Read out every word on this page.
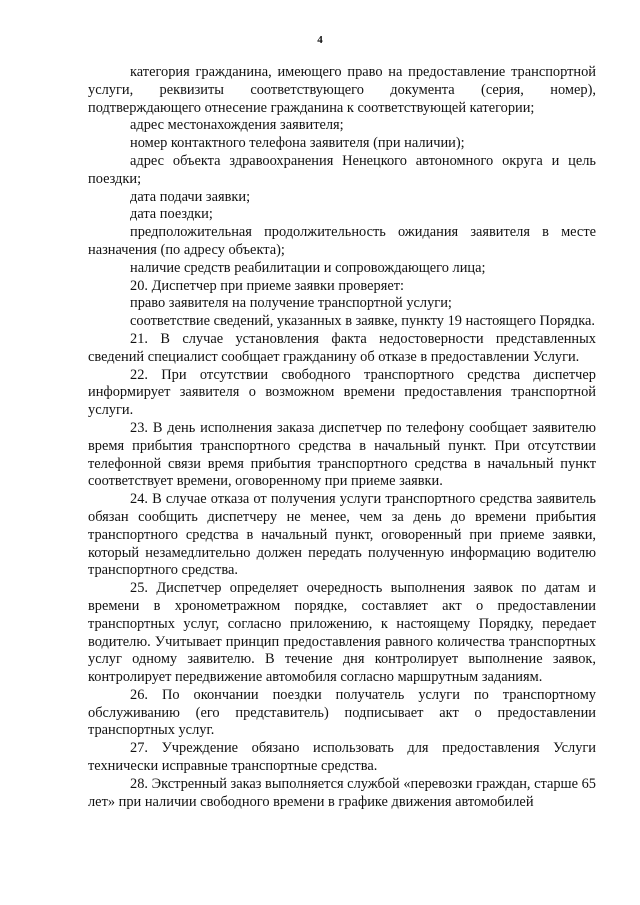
4

категория гражданина, имеющего право на предоставление транспортной услуги, реквизиты соответствующего документа (серия, номер), подтверждающего отнесение гражданина к соответствующей категории;

адрес местонахождения заявителя;

номер контактного телефона заявителя (при наличии);

адрес объекта здравоохранения Ненецкого автономного округа и цель поездки;

дата подачи заявки;

дата поездки;

предположительная продолжительность ожидания заявителя в месте назначения (по адресу объекта);

наличие средств реабилитации и сопровождающего лица;

20. Диспетчер при приеме заявки проверяет:

право заявителя на получение транспортной услуги;

соответствие сведений, указанных в заявке, пункту 19 настоящего Порядка.

21. В случае установления факта недостоверности представленных сведений специалист сообщает гражданину об отказе в предоставлении Услуги.

22. При отсутствии свободного транспортного средства диспетчер информирует заявителя о возможном времени предоставления транспортной услуги.

23. В день исполнения заказа диспетчер по телефону сообщает заявителю время прибытия транспортного средства в начальный пункт. При отсутствии телефонной связи время прибытия транспортного средства в начальный пункт соответствует времени, оговоренному при приеме заявки.

24. В случае отказа от получения услуги транспортного средства заявитель обязан сообщить диспетчеру не менее, чем за день до времени прибытия транспортного средства в начальный пункт, оговоренный при приеме заявки, который незамедлительно должен передать полученную информацию водителю транспортного средства.

25. Диспетчер определяет очередность выполнения заявок по датам и времени в хронометражном порядке, составляет акт о предоставлении транспортных услуг, согласно приложению, к настоящему Порядку, передает водителю. Учитывает принцип предоставления равного количества транспортных услуг одному заявителю. В течение дня контролирует выполнение заявок, контролирует передвижение автомобиля согласно маршрутным заданиям.

26. По окончании поездки получатель услуги по транспортному обслуживанию (его представитель) подписывает акт о предоставлении транспортных услуг.

27. Учреждение обязано использовать для предоставления Услуги технически исправные транспортные средства.

28. Экстренный заказ выполняется службой «перевозки граждан, старше 65 лет» при наличии свободного времени в графике движения автомобилей
